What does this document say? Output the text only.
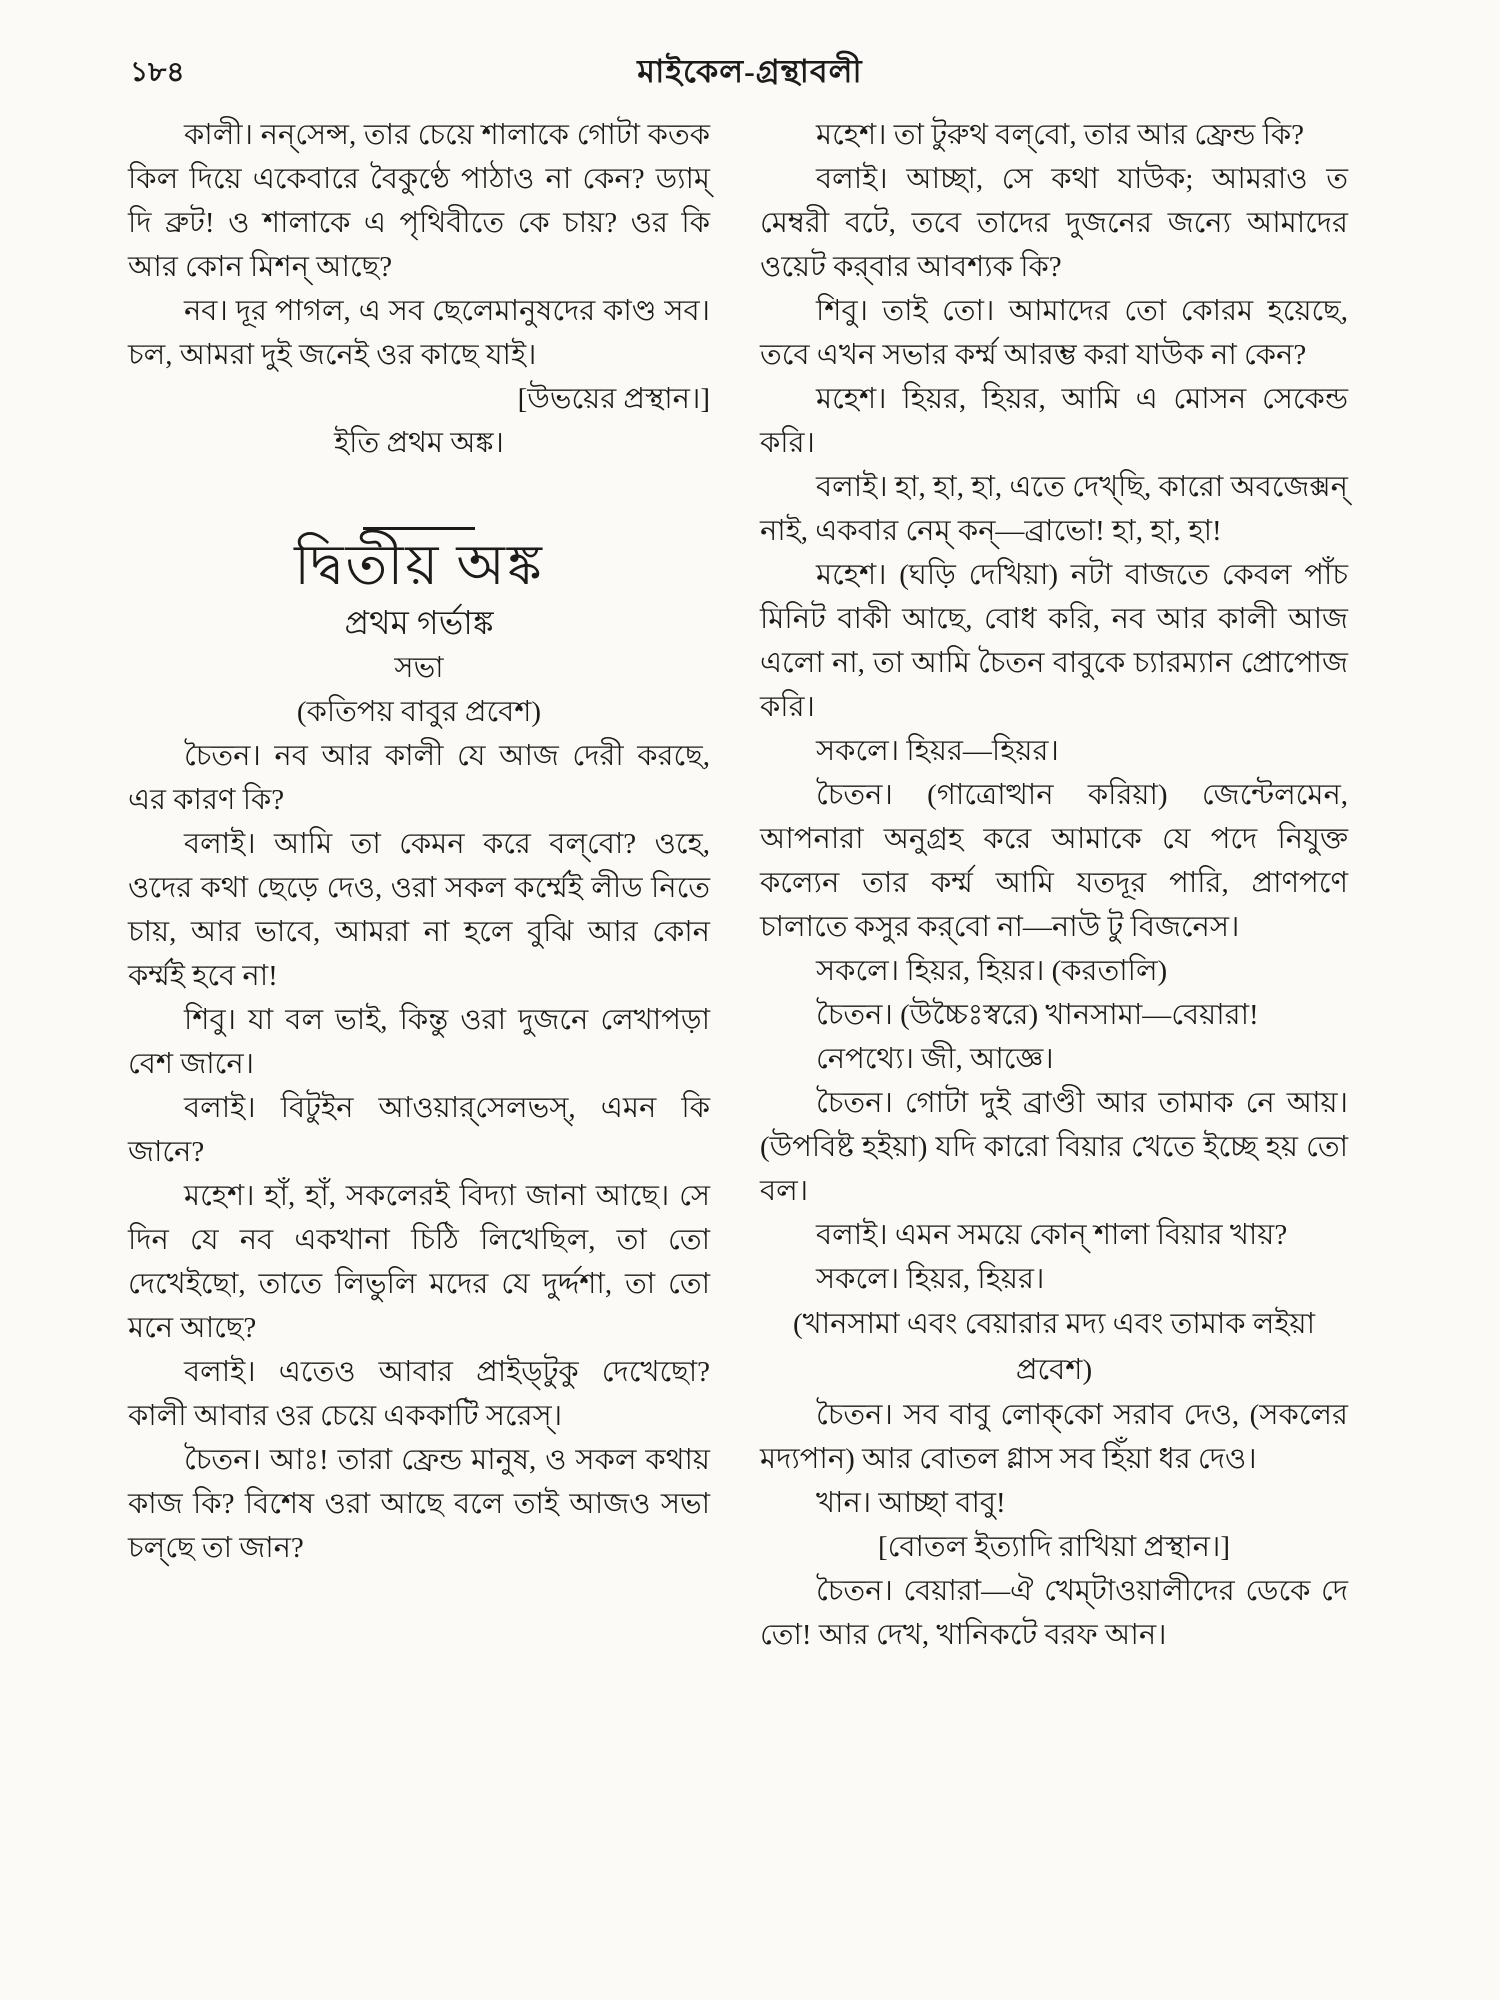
১৮৪	মাইকেল-গ্রন্থাবলী

কালী। নন্‌সেন্স, তার চেয়ে শালাকে গোটা কতক কিল দিয়ে একেবারে বৈকুণ্ঠে পাঠাও না কেন? ড্যাম্ দি ব্রুট! ও শালাকে এ পৃথিবীতে কে চায়? ওর কি আর কোন মিশন্ আছে?

নব। দূর পাগল, এ সব ছেলেমানুষদের কাণ্ড সব। চল, আমরা দুই জনেই ওর কাছে যাই।

[উভয়ের প্রস্থান।]

ইতি প্রথম অঙ্ক।

দ্বিতীয় অঙ্ক
প্রথম গর্ভাঙ্ক

সভা

(কতিপয় বাবুর প্রবেশ)

চৈতন। নব আর কালী যে আজ দেরী করছে, এর কারণ কি?

বলাই। আমি তা কেমন করে বল্‌বো? ওহে, ওদের কথা ছেড়ে দেও, ওরা সকল কর্ম্মেই লীড নিতে চায়, আর ভাবে, আমরা না হলে বুঝি আর কোন কর্ম্মই হবে না!

শিবু। যা বল ভাই, কিন্তু ওরা দুজনে লেখাপড়া বেশ জানে।

বলাই। বিটুইন আওয়ার্‌সেলভস্, এমন কি জানে?

মহেশ। হাঁ, হাঁ, সকলেরই বিদ্যা জানা আছে। সে দিন যে নব একখানা চিঠি লিখেছিল, তা তো দেখেইছো, তাতে লিভুলি মদের যে দুর্দ্দশা, তা তো মনে আছে?

বলাই। এতেও আবার প্রাইড্‌টুকু দেখেছো? কালী আবার ওর চেয়ে এককাটি সরেস্।

চৈতন। আঃ! তারা ফ্রেন্ড মানুষ, ও সকল কথায় কাজ কি? বিশেষ ওরা আছে বলে তাই আজও সভা চল্‌ছে তা জান?

মহেশ। তা টুরুথ বল্‌বো, তার আর ফ্রেন্ড কি?

বলাই। আচ্ছা, সে কথা যাউক; আমরাও ত মেম্বরী বটে, তবে তাদের দুজনের জন্যে আমাদের ওয়েট কর্‌বার আবশ্যক কি?

শিবু। তাই তো। আমাদের তো কোরম হয়েছে, তবে এখন সভার কর্ম্ম আরম্ভ করা যাউক না কেন?

মহেশ। হিয়র, হিয়র, আমি এ মোসন সেকেন্ড করি।

বলাই। হা, হা, হা, এতে দেখ্‌ছি, কারো অবজেক্সন্ নাই, একবার নেম্ কন্‌—ব্রাভো! হা, হা, হা!

মহেশ। (ঘড়ি দেখিয়া) নটা বাজতে কেবল পাঁচ মিনিট বাকী আছে, বোধ করি, নব আর কালী আজ এলো না, তা আমি চৈতন বাবুকে চ্যারম্যান প্রোপোজ করি।

সকলে। হিয়র—হিয়র।

চৈতন। (গাত্রোত্থান করিয়া) জেন্টেলমেন, আপনারা অনুগ্রহ করে আমাকে যে পদে নিযুক্ত কল্যেন তার কর্ম্ম আমি যতদূর পারি, প্রাণপণে চালাতে কসুর কর্‌বো না—নাউ টু বিজনেস।

সকলে। হিয়র, হিয়র। (করতালি)

চৈতন। (উচ্চৈঃস্বরে) খানসামা—বেয়ারা!

নেপথ্যে। জী, আজ্ঞে।

চৈতন। গোটা দুই ব্রাণ্ডী আর তামাক নে আয়। (উপবিষ্ট হইয়া) যদি কারো বিয়ার খেতে ইচ্ছে হয় তো বল।

বলাই। এমন সময়ে কোন্ শালা বিয়ার খায়?

সকলে। হিয়র, হিয়র।

(খানসামা এবং বেয়ারার মদ্য এবং তামাক লইয়া প্রবেশ)

চৈতন। সব বাবু লোক্‌কো সরাব দেও, (সকলের মদ্যপান) আর বোতল গ্লাস সব হিঁয়া ধর দেও।

খান। আচ্ছা বাবু!

[বোতল ইত্যাদি রাখিয়া প্রস্থান।]

চৈতন। বেয়ারা—ঐ খেম্‌টাওয়ালীদের ডেকে দে তো! আর দেখ, খানিকটে বরফ আন।
